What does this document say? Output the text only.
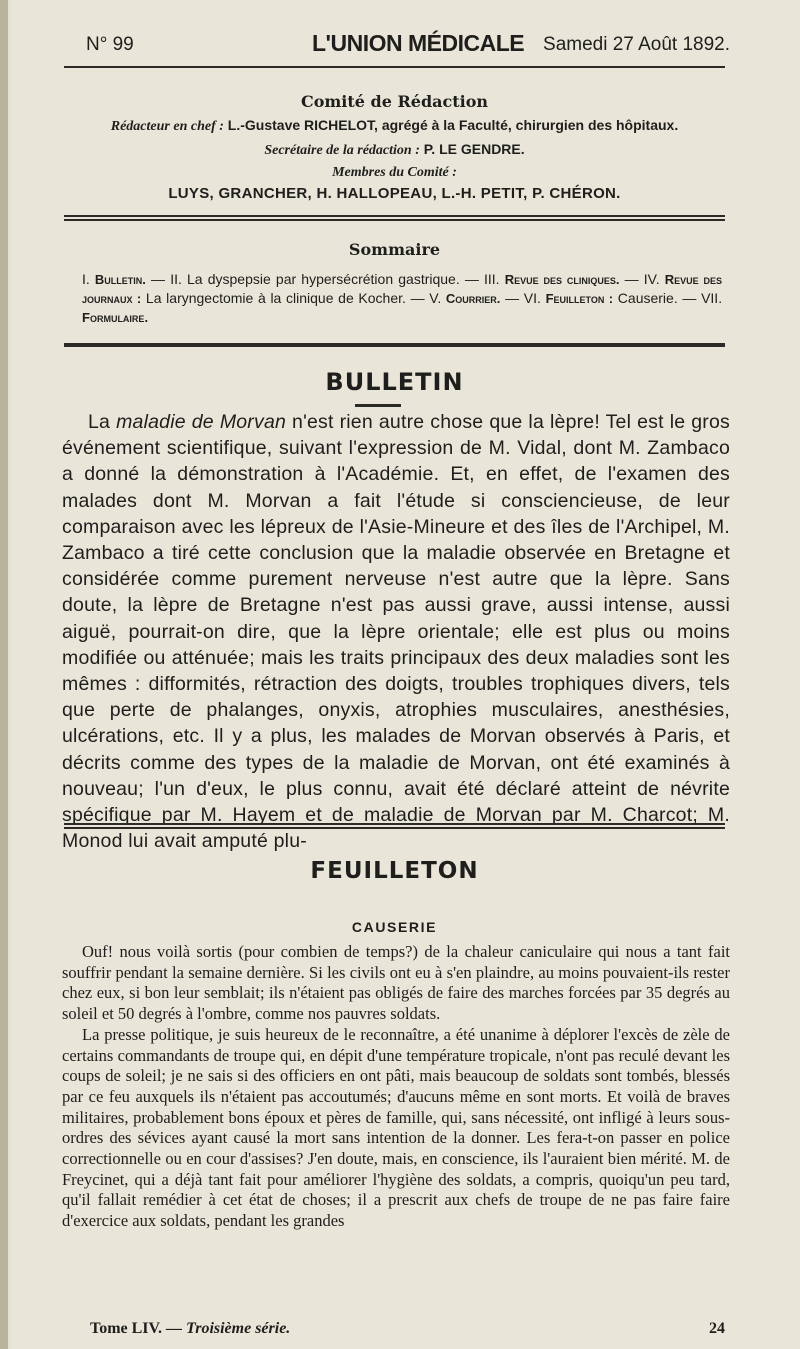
N° 99	L'UNION MÉDICALE Samedi 27 Août 1892.
Comité de Rédaction
Rédacteur en chef : L.-Gustave RICHELOT, agrégé à la Faculté, chirurgien des hôpitaux.
Secrétaire de la rédaction : P. LE GENDRE.
Membres du Comité :
LUYS, GRANCHER, H. HALLOPEAU, L.-H. PETIT, P. CHÉRON.
Sommaire
I. Bulletin. — II. La dyspepsie par hypersécrétion gastrique. — III. Revue des cliniques. — IV. Revue des journaux : La laryngectomie à la clinique de Kocher. — V. Courrier. — VI. Feuilleton : Causerie. — VII. Formulaire.
BULLETIN
La maladie de Morvan n'est rien autre chose que la lèpre! Tel est le gros événement scientifique, suivant l'expression de M. Vidal, dont M. Zambaco a donné la démonstration à l'Académie. Et, en effet, de l'examen des malades dont M. Morvan a fait l'étude si consciencieuse, de leur comparaison avec les lépreux de l'Asie-Mineure et des îles de l'Archipel, M. Zambaco a tiré cette conclusion que la maladie observée en Bretagne et considérée comme purement nerveuse n'est autre que la lèpre. Sans doute, la lèpre de Bretagne n'est pas aussi grave, aussi intense, aussi aiguë, pourrait-on dire, que la lèpre orientale; elle est plus ou moins modifiée ou atténuée; mais les traits principaux des deux maladies sont les mêmes : difformités, rétraction des doigts, troubles trophiques divers, tels que perte de phalanges, onyxis, atrophies musculaires, anesthésies, ulcérations, etc. Il y a plus, les malades de Morvan observés à Paris, et décrits comme des types de la maladie de Morvan, ont été examinés à nouveau; l'un d'eux, le plus connu, avait été déclaré atteint de névrite spécifique par M. Hayem et de maladie de Morvan par M. Charcot; M. Monod lui avait amputé plu-
FEUILLETON
CAUSERIE

Ouf! nous voilà sortis (pour combien de temps?) de la chaleur caniculaire qui nous a tant fait souffrir pendant la semaine dernière. Si les civils ont eu à s'en plaindre, au moins pouvaient-ils rester chez eux, si bon leur semblait; ils n'étaient pas obligés de faire des marches forcées par 35 degrés au soleil et 50 degrés à l'ombre, comme nos pauvres soldats.

La presse politique, je suis heureux de le reconnaître, a été unanime à déplorer l'excès de zèle de certains commandants de troupe qui, en dépit d'une température tropicale, n'ont pas reculé devant les coups de soleil; je ne sais si des officiers en ont pâti, mais beaucoup de soldats sont tombés, blessés par ce feu auxquels ils n'étaient pas accoutumés; d'aucuns même en sont morts. Et voilà de braves militaires, probablement bons époux et pères de famille, qui, sans nécessité, ont infligé à leurs sous-ordres des sévices ayant causé la mort sans intention de la donner. Les fera-t-on passer en police correctionnelle ou en cour d'assises? J'en doute, mais, en conscience, ils l'auraient bien mérité. M. de Freycinet, qui a déjà tant fait pour améliorer l'hygiène des soldats, a compris, quoiqu'un peu tard, qu'il fallait remédier à cet état de choses; il a prescrit aux chefs de troupe de ne pas faire faire d'exercice aux soldats, pendant les grandes

Tome LIV. — Troisième série.	24
